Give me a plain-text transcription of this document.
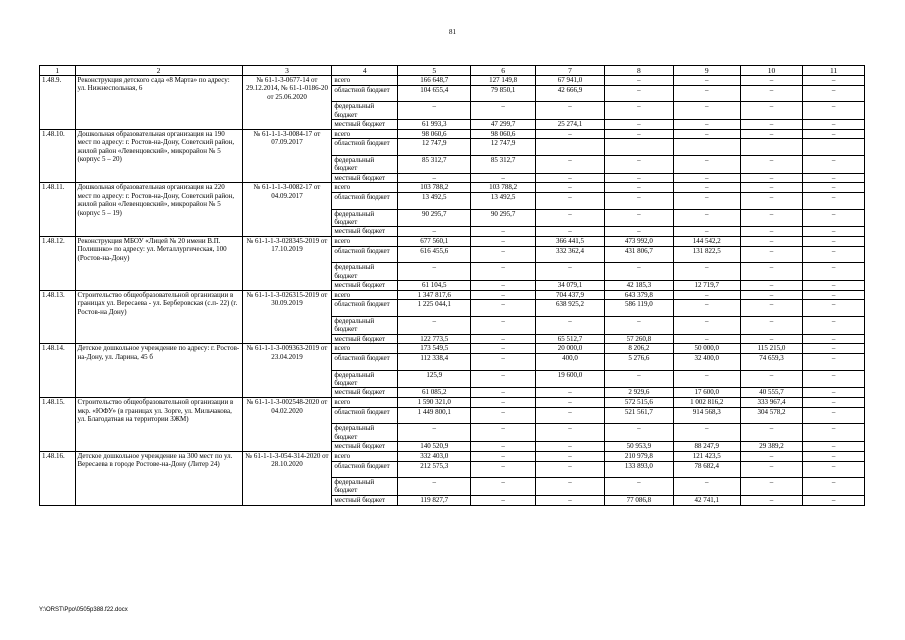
81
1	2	3	4	5	6	7	8	9	10	11
1.48.9.	Реконструкция детского сада «8 Марта» по адресу: ул. Нижнеспольная, 6	№ 61-1-3-0677-14 от 29.12.2014, № 61-1-0186-20 от 25.06.2020	всего	166 648,7	127 149,8	67 941,0	–	–	–	–
			областной бюджет	104 655,4	79 850,1	42 666,9	–	–	–	–
			федеральный бюджет	–	–	–	–	–	–	–
			местный бюджет	61 993,3	47 299,7	25 274,1	–	–	–	–
1.48.10.	Дошкольная образовательная организация на 190 мест по адресу: г. Ростов-на-Дону, Советский район, жилой район «Левенцовский», микрорайон № 5 (корпус 5 – 20)	№ 61-1-1-3-0084-17 от 07.09.2017	всего	98 060,6	98 060,6	–	–	–	–	–
			областной бюджет	12 747,9	12 747,9					
			федеральный бюджет	85 312,7	85 312,7	–	–	–	–	–
			местный бюджет	–	–	–	–	–	–	–
1.48.11.	Дошкольная образовательная организация на 220 мест по адресу: г. Ростов-на-Дону, Советский район, жилой район «Левенцовский», микрорайон № 5 (корпус 5 – 19)	№ 61-1-1-3-0082-17 от 04.09.2017	всего	103 788,2	103 788,2	–	–	–	–	–
			областной бюджет	13 492,5	13 492,5	–	–	–	–	–
			федеральный бюджет	90 295,7	90 295,7	–	–	–	–	–
			местный бюджет	–	–	–	–	–	–	–
1.48.12.	Реконструкция МБОУ «Лицей № 20 имени В.П. Полишнко» по адресу: ул. Металлургическая, 100 (Ростов-на-Дону)	№ 61-1-1-3-028345-2019 от 17.10.2019	всего	677 560,1	–	366 441,5	473 992,0	144 542,2	–	–
			областной бюджет	616 455,6	–	332 362,4	431 806,7	131 822,5	–	–
			федеральный бюджет	–	–	–	–	–	–	–
			местный бюджет	61 104,5	–	34 079,1	42 185,3	12 719,7	–	–
1.48.13.	Строительство общеобразовательной организации в границах ул. Вересаева - ул. Берберовская (с.п- 22) (г. Ростов-на Дону)	№ 61-1-1-3-026315-2019 от 30.09.2019	всего	1 347 817,6	–	704 437,9	643 379,8	–	–	–
			областной бюджет	1 225 044,1	–	638 925,2	586 119,0	–	–	–
			федеральный бюджет	–	–	–	–	–	–	–
			местный бюджет	122 773,5	–	65 512,7	57 260,8	–	–	–
1.48.14.	Детское дошкольное учреждение по адресу: г. Ростов-на-Дону, ул. Ларина, 45 б	№ 61-1-1-3-009363-2019 от 23.04.2019	всего	173 549,5	–	20 000,0	8 206,2	50 000,0	115 215,0	–
			областной бюджет	112 338,4	–	400,0	5 276,6	32 400,0	74 659,3	–
			федеральный бюджет	125,9	–	19 600,0	–	–	–	–
			местный бюджет	61 085,2	–	–	2 929,6	17 600,0	40 555,7	–
1.48.15.	Строительство общеобразовательной организации в мкр. «ЮФУ» (в границах ул. Зорге, ул. Мильчакова, ул. Благодатная на территории ЗЖМ)	№ 61-1-1-3-002548-2020 от 04.02.2020	всего	1 590 321,0	–	–	572 515,6	1 002 816,2	333 967,4	–
			областной бюджет	1 449 800,1	–	–	521 561,7	914 568,3	304 578,2	–
			федеральный бюджет	–	–	–	–	–	–	–
			местный бюджет	140 520,9	–	–	50 953,9	88 247,9	29 389,2	–
1.48.16.	Детское дошкольное учреждение на 300 мест по ул. Вересаева в городе Ростове-на-Дону (Литер 24)	№ 61-1-1-3-054-314-2020 от 28.10.2020	всего	332 403,0	–	–	210 979,8	121 423,5	–	–
			областной бюджет	212 575,3	–	–	133 893,0	78 682,4	–	–
			федеральный бюджет	–	–	–	–	–	–	–
			местный бюджет	119 827,7	–	–	77 086,8	42 741,1	–	–
Y:\ORST\Ppo\0505p388.f22.docx
